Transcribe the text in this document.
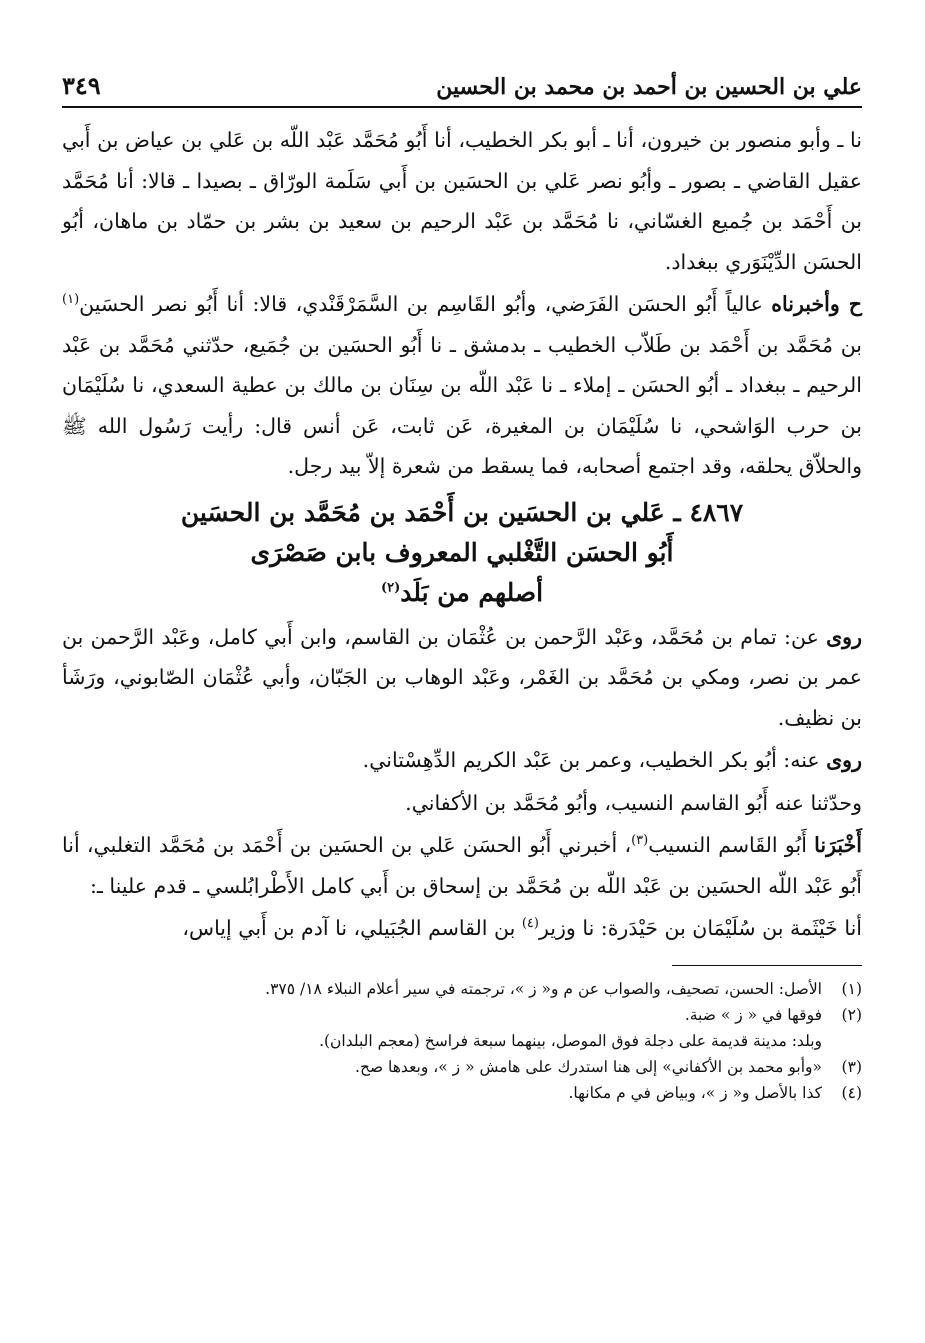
علي بن الحسين بن أحمد بن محمد بن الحسين
٣٤٩

نا ـ وأبو منصور بن خيرون، أنا ـ أبو بكر الخطيب، أنا أَبُو مُحَمَّد عَبْد اللّه بن عَلي بن عياض بن أَبي عقيل القاضي ـ بصور ـ وأبُو نصر عَلي بن الحسَين بن أَبي سَلَمة الورّاق ـ بصيدا ـ قالا: أنا مُحَمَّد بن أَحْمَد بن جُميع الغسّاني، نا مُحَمَّد بن عَبْد الرحيم بن سعيد بن بشر بن حمّاد بن ماهان، أبُو الحسَن الدِّيْنَوَري ببغداد.

ح وأخبرناه عالياً أَبُو الحسَن الفَرَضي، وأبُو القَاسِم بن السَّمَرْقَنْدي، قالا: أنا أَبُو نصر الحسَين$^{(١)}$ بن مُحَمَّد بن أَحْمَد بن طَلاّب الخطيب ـ بدمشق ـ نا أَبُو الحسَين بن جُمَيع، حدّثني مُحَمَّد بن عَبْد الرحيم ـ ببغداد ـ أبُو الحسَن ـ إملاء ـ نا عَبْد اللّه بن سِنَان بن مالك بن عطية السعدي، نا سُلَيْمَان بن حرب الوَاشحي، نا سُلَيْمَان بن المغيرة، عَن ثابت، عَن أنس قال: رأيت رَسُول الله ﷺ والحلاّق يحلقه، وقد اجتمع أصحابه، فما يسقط من شعرة إلاّ بيد رجل.

٤٨٦٧ ـ عَلي بن الحسَين بن أَحْمَد بن مُحَمَّد بن الحسَين
أَبُو الحسَن التَّغْلبي المعروف بابن صَصْرَى
أصلهم من بَلَد$^{(٢)}$

روى عن: تمام بن مُحَمَّد، وعَبْد الرَّحمن بن عُثْمَان بن القاسم، وابن أَبي كامل، وعَبْد الرَّحمن بن عمر بن نصر، ومكي بن مُحَمَّد بن الغَمْر، وعَبْد الوهاب بن الجَبّان، وأبي عُثْمَان الصّابوني، ورَشَأ بن نظيف.

روى عنه: أبُو بكر الخطيب، وعمر بن عَبْد الكريم الدِّهِسْتاني.

وحدّثنا عنه أَبُو القاسم النسيب، وأبُو مُحَمَّد بن الأكفاني.

أَخْبَرَنا أَبُو القَاسم النسيب$^{(٣)}$، أخبرني أَبُو الحسَن عَلي بن الحسَين بن أَحْمَد بن مُحَمَّد التغلبي، أنا أَبُو عَبْد اللّه الحسَين بن عَبْد اللّه بن مُحَمَّد بن إسحاق بن أَبي كامل الأَطْرابُلسي ـ قدم علينا ـ:

أنا خَيْثَمة بن سُلَيْمَان بن حَيْدَرة: نا وزير$^{(٤)}$ بن القاسم الجُبَيلي، نا آدم بن أَبي إياس،

(١)
الأصل: الحسن، تصحيف، والصواب عن م و« ز »، ترجمته في سير أعلام النبلاء ١٨/ ٣٧٥.
(٢)
فوقها في « ز » ضبة.
وبلد: مدينة قديمة على دجلة فوق الموصل، بينهما سبعة فراسخ (معجم البلدان).
(٣)
«وأبو محمد بن الأكفاني» إلى هنا استدرك على هامش « ز »، وبعدها صح.
(٤)
كذا بالأصل و« ز »، وبياض في م مكانها.
